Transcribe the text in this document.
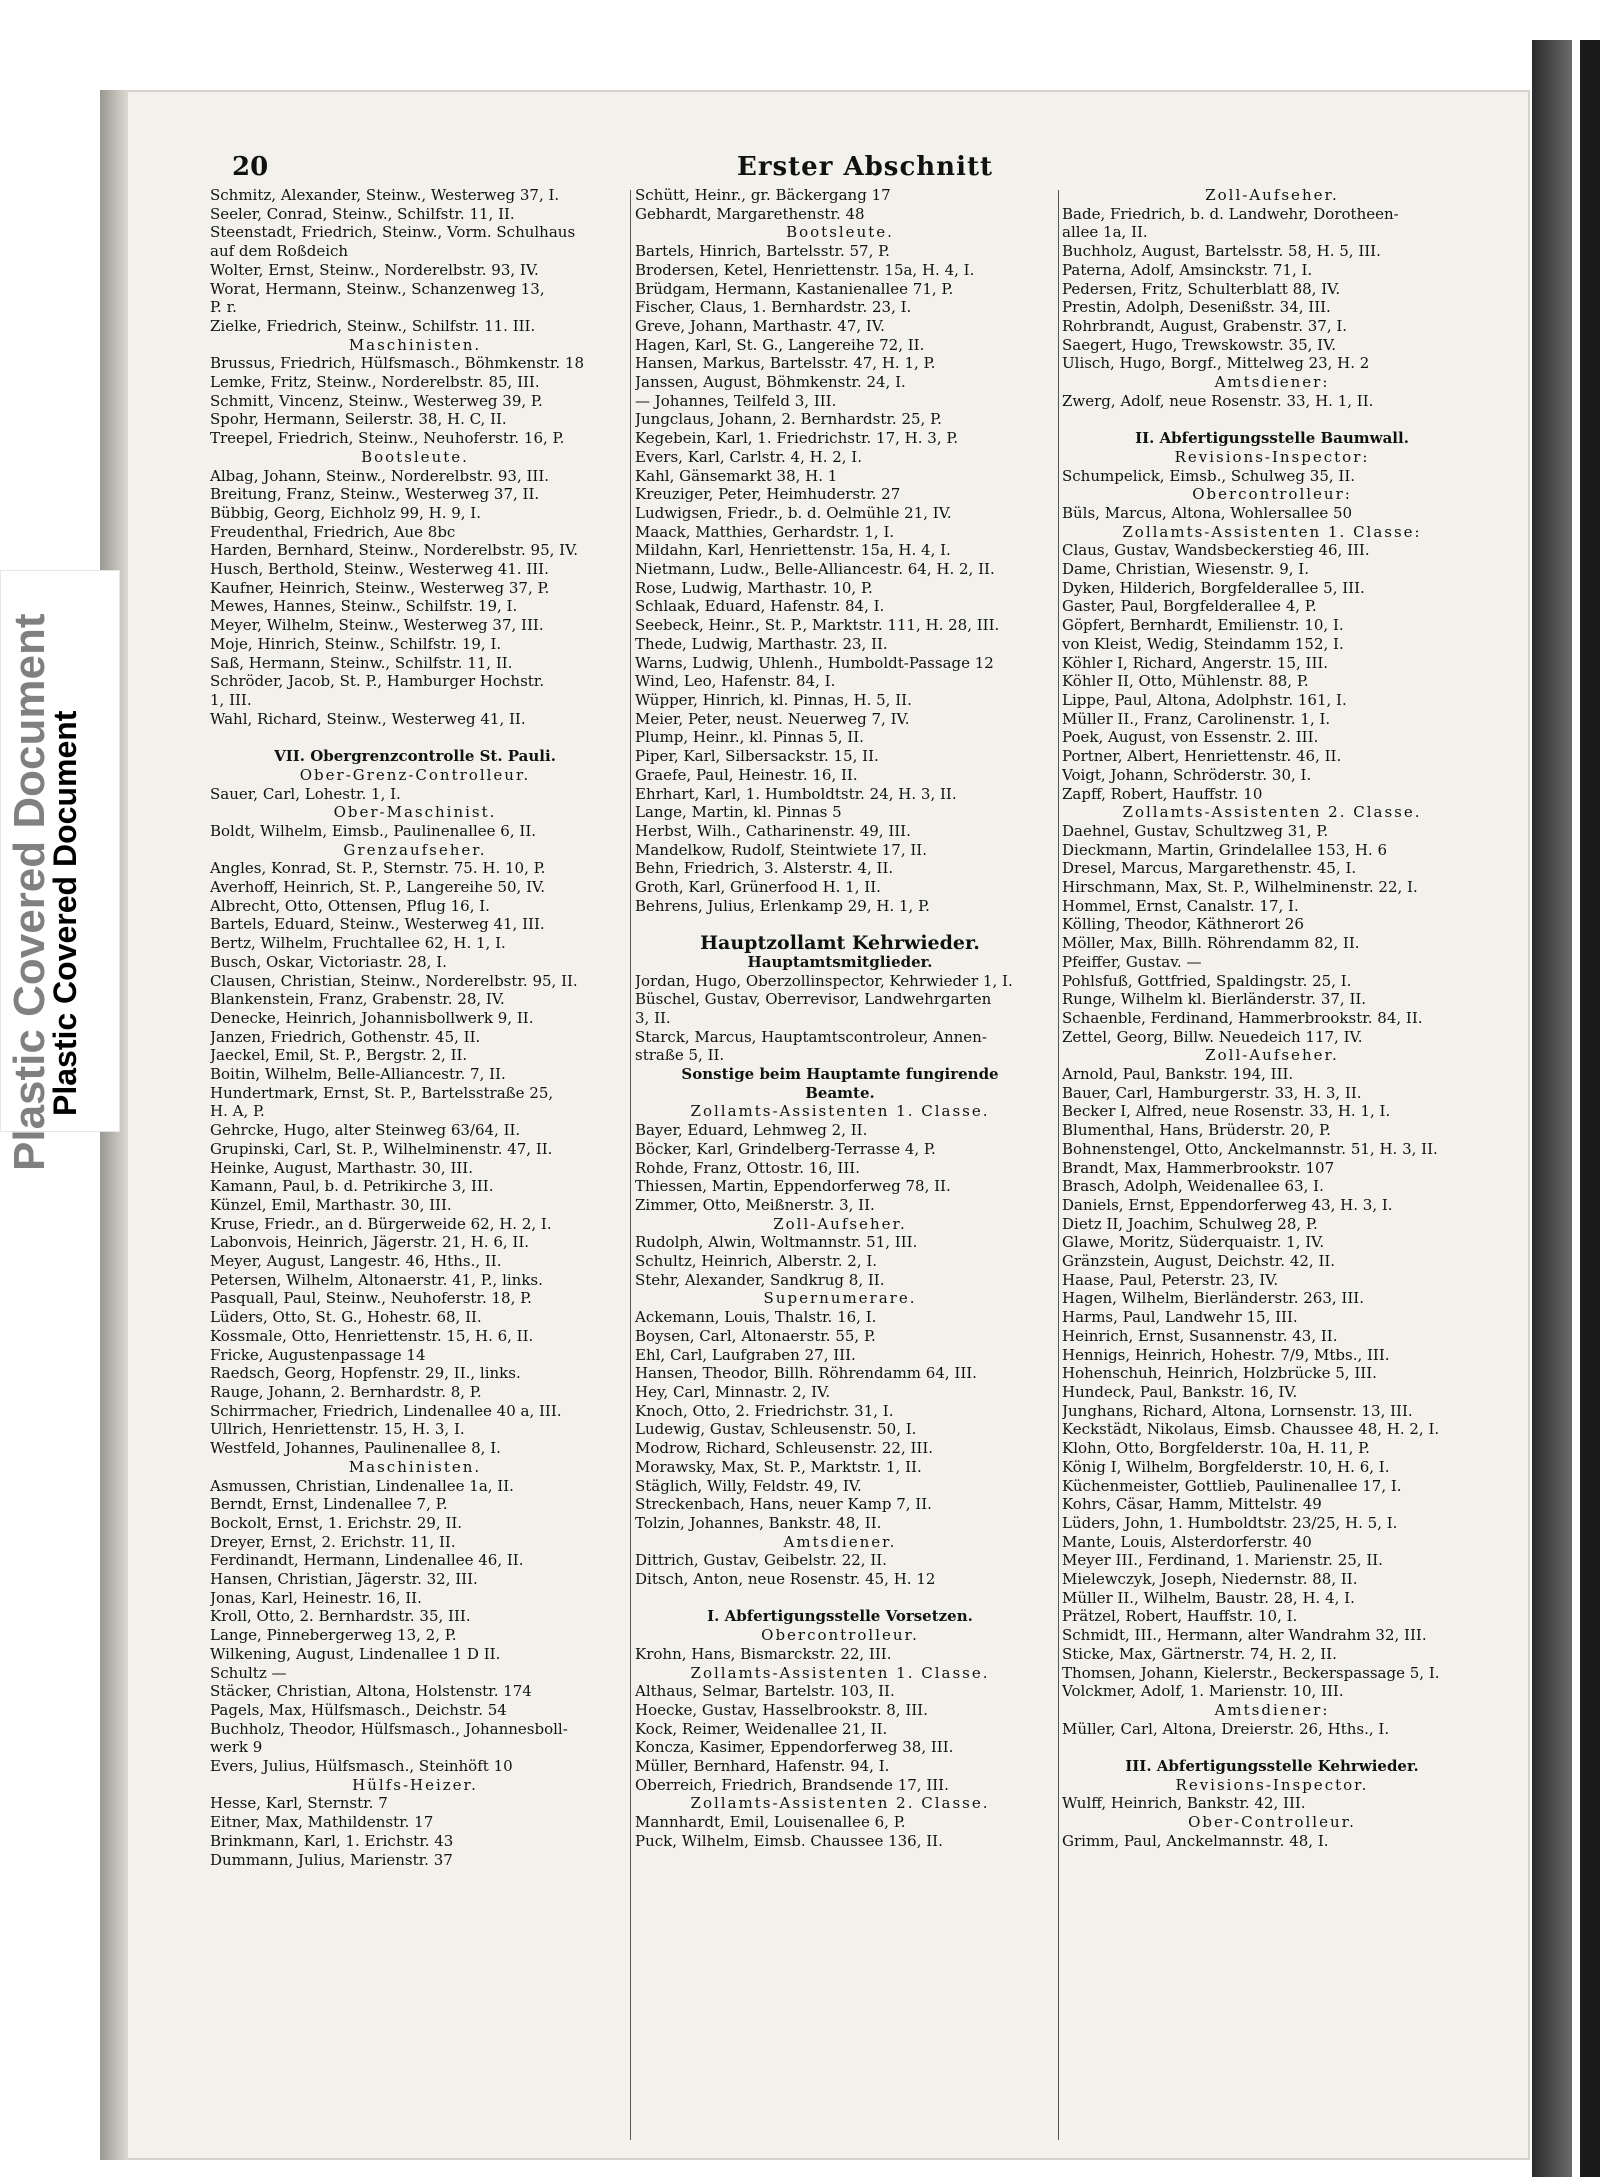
Plastic Covered Document
Plastic Covered Document
20	Erster Abschnitt
Schmitz, Alexander, Steinw., Westerweg 37, I.
Seeler, Conrad, Steinw., Schilfstr. 11, II.
Steenstadt, Friedrich, Steinw., Vorm. Schulhaus
auf dem Roßdeich
Wolter, Ernst, Steinw., Norderelbstr. 93, IV.
Worat, Hermann, Steinw., Schanzenweg 13,
P. r.
Zielke, Friedrich, Steinw., Schilfstr. 11. III.
Maschinisten.
Brussus, Friedrich, Hülfsmasch., Böhmkenstr. 18
Lemke, Fritz, Steinw., Norderelbstr. 85, III.
Schmitt, Vincenz, Steinw., Westerweg 39, P.
Spohr, Hermann, Seilerstr. 38, H. C, II.
Treepel, Friedrich, Steinw., Neuhoferstr. 16, P.
Bootsleute.
Albag, Johann, Steinw., Norderelbstr. 93, III.
Breitung, Franz, Steinw., Westerweg 37, II.
Bübbig, Georg, Eichholz 99, H. 9, I.
Freudenthal, Friedrich, Aue 8bc
Harden, Bernhard, Steinw., Norderelbstr. 95, IV.
Husch, Berthold, Steinw., Westerweg 41. III.
Kaufner, Heinrich, Steinw., Westerweg 37, P.
Mewes, Hannes, Steinw., Schilfstr. 19, I.
Meyer, Wilhelm, Steinw., Westerweg 37, III.
Moje, Hinrich, Steinw., Schilfstr. 19, I.
Saß, Hermann, Steinw., Schilfstr. 11, II.
Schröder, Jacob, St. P., Hamburger Hochstr.
1, III.
Wahl, Richard, Steinw., Westerweg 41, II.

VII. Obergrenzcontrolle St. Pauli.
Ober-Grenz-Controlleur.
Sauer, Carl, Lohestr. 1, I.
Ober-Maschinist.
Boldt, Wilhelm, Eimsb., Paulinenallee 6, II.
Grenzaufseher.
Angles, Konrad, St. P., Sternstr. 75. H. 10, P.
Averhoff, Heinrich, St. P., Langereihe 50, IV.
Albrecht, Otto, Ottensen, Pflug 16, I.
Bartels, Eduard, Steinw., Westerweg 41, III.
Bertz, Wilhelm, Fruchtallee 62, H. 1, I.
Busch, Oskar, Victoriastr. 28, I.
Clausen, Christian, Steinw., Norderelbstr. 95, II.
Blankenstein, Franz, Grabenstr. 28, IV.
Denecke, Heinrich, Johannisbollwerk 9, II.
Janzen, Friedrich, Gothenstr. 45, II.
Jaeckel, Emil, St. P., Bergstr. 2, II.
Boitin, Wilhelm, Belle-Alliancestr. 7, II.
Hundertmark, Ernst, St. P., Bartelsstraße 25,
H. A, P.
Gehrcke, Hugo, alter Steinweg 63/64, II.
Grupinski, Carl, St. P., Wilhelminenstr. 47, II.
Heinke, August, Marthastr. 30, III.
Kamann, Paul, b. d. Petrikirche 3, III.
Künzel, Emil, Marthastr. 30, III.
Kruse, Friedr., an d. Bürgerweide 62, H. 2, I.
Labonvois, Heinrich, Jägerstr. 21, H. 6, II.
Meyer, August, Langestr. 46, Hths., II.
Petersen, Wilhelm, Altonaerstr. 41, P., links.
Pasquall, Paul, Steinw., Neuhoferstr. 18, P.
Lüders, Otto, St. G., Hohestr. 68, II.
Kossmale, Otto, Henriettenstr. 15, H. 6, II.
Fricke, Augustenpassage 14
Raedsch, Georg, Hopfenstr. 29, II., links.
Rauge, Johann, 2. Bernhardstr. 8, P.
Schirrmacher, Friedrich, Lindenallee 40 a, III.
Ullrich, Henriettenstr. 15, H. 3, I.
Westfeld, Johannes, Paulinenallee 8, I.
Maschinisten.
Asmussen, Christian, Lindenallee 1a, II.
Berndt, Ernst, Lindenallee 7, P.
Bockolt, Ernst, 1. Erichstr. 29, II.
Dreyer, Ernst, 2. Erichstr. 11, II.
Ferdinandt, Hermann, Lindenallee 46, II.
Hansen, Christian, Jägerstr. 32, III.
Jonas, Karl, Heinestr. 16, II.
Kroll, Otto, 2. Bernhardstr. 35, III.
Lange, Pinnebergerweg 13, 2, P.
Wilkening, August, Lindenallee 1 D II.
Schultz —
Stäcker, Christian, Altona, Holstenstr. 174
Pagels, Max, Hülfsmasch., Deichstr. 54
Buchholz, Theodor, Hülfsmasch., Johannesboll-
werk 9
Evers, Julius, Hülfsmasch., Steinhöft 10
Hülfs-Heizer.
Hesse, Karl, Sternstr. 7
Eitner, Max, Mathildenstr. 17
Brinkmann, Karl, 1. Erichstr. 43
Dummann, Julius, Marienstr. 37
Schütt, Heinr., gr. Bäckergang 17
Gebhardt, Margarethenstr. 48
Bootsleute.
Bartels, Hinrich, Bartelsstr. 57, P.
Brodersen, Ketel, Henriettenstr. 15a, H. 4, I.
Brüdgam, Hermann, Kastanienallee 71, P.
Fischer, Claus, 1. Bernhardstr. 23, I.
Greve, Johann, Marthastr. 47, IV.
Hagen, Karl, St. G., Langereihe 72, II.
Hansen, Markus, Bartelsstr. 47, H. 1, P.
Janssen, August, Böhmkenstr. 24, I.
— Johannes, Teilfeld 3, III.
Jungclaus, Johann, 2. Bernhardstr. 25, P.
Kegebein, Karl, 1. Friedrichstr. 17, H. 3, P.
Evers, Karl, Carlstr. 4, H. 2, I.
Kahl, Gänsemarkt 38, H. 1
Kreuziger, Peter, Heimhuderstr. 27
Ludwigsen, Friedr., b. d. Oelmühle 21, IV.
Maack, Matthies, Gerhardstr. 1, I.
Mildahn, Karl, Henriettenstr. 15a, H. 4, I.
Nietmann, Ludw., Belle-Alliancestr. 64, H. 2, II.
Rose, Ludwig, Marthastr. 10, P.
Schlaak, Eduard, Hafenstr. 84, I.
Seebeck, Heinr., St. P., Marktstr. 111, H. 28, III.
Thede, Ludwig, Marthastr. 23, II.
Warns, Ludwig, Uhlenh., Humboldt-Passage 12
Wind, Leo, Hafenstr. 84, I.
Wüpper, Hinrich, kl. Pinnas, H. 5, II.
Meier, Peter, neust. Neuerweg 7, IV.
Plump, Heinr., kl. Pinnas 5, II.
Piper, Karl, Silbersackstr. 15, II.
Graefe, Paul, Heinestr. 16, II.
Ehrhart, Karl, 1. Humboldtstr. 24, H. 3, II.
Lange, Martin, kl. Pinnas 5
Herbst, Wilh., Catharinenstr. 49, III.
Mandelkow, Rudolf, Steintwiete 17, II.
Behn, Friedrich, 3. Alsterstr. 4, II.
Groth, Karl, Grünerfood H. 1, II.
Behrens, Julius, Erlenkamp 29, H. 1, P.

Hauptzollamt Kehrwieder.
Hauptamtsmitglieder.
Jordan, Hugo, Oberzollinspector, Kehrwieder 1, I.
Büschel, Gustav, Oberrevisor, Landwehrgarten
3, II.
Starck, Marcus, Hauptamtscontroleur, Annen-
straße 5, II.
Sonstige beim Hauptamte fungirende
Beamte.
Zollamts-Assistenten 1. Classe.
Bayer, Eduard, Lehmweg 2, II.
Böcker, Karl, Grindelberg-Terrasse 4, P.
Rohde, Franz, Ottostr. 16, III.
Thiessen, Martin, Eppendorferweg 78, II.
Zimmer, Otto, Meißnerstr. 3, II.
Zoll-Aufseher.
Rudolph, Alwin, Woltmannstr. 51, III.
Schultz, Heinrich, Alberstr. 2, I.
Stehr, Alexander, Sandkrug 8, II.
Supernumerare.
Ackemann, Louis, Thalstr. 16, I.
Boysen, Carl, Altonaerstr. 55, P.
Ehl, Carl, Laufgraben 27, III.
Hansen, Theodor, Billh. Röhrendamm 64, III.
Hey, Carl, Minnastr. 2, IV.
Knoch, Otto, 2. Friedrichstr. 31, I.
Ludewig, Gustav, Schleusenstr. 50, I.
Modrow, Richard, Schleusenstr. 22, III.
Morawsky, Max, St. P., Marktstr. 1, II.
Stäglich, Willy, Feldstr. 49, IV.
Streckenbach, Hans, neuer Kamp 7, II.
Tolzin, Johannes, Bankstr. 48, II.
Amtsdiener.
Dittrich, Gustav, Geibelstr. 22, II.
Ditsch, Anton, neue Rosenstr. 45, H. 12

I. Abfertigungsstelle Vorsetzen.
Obercontrolleur.
Krohn, Hans, Bismarckstr. 22, III.
Zollamts-Assistenten 1. Classe.
Althaus, Selmar, Bartelstr. 103, II.
Hoecke, Gustav, Hasselbrookstr. 8, III.
Kock, Reimer, Weidenallee 21, II.
Koncza, Kasimer, Eppendorferweg 38, III.
Müller, Bernhard, Hafenstr. 94, I.
Oberreich, Friedrich, Brandsende 17, III.
Zollamts-Assistenten 2. Classe.
Mannhardt, Emil, Louisenallee 6, P.
Puck, Wilhelm, Eimsb. Chaussee 136, II.
Zoll-Aufseher.
Bade, Friedrich, b. d. Landwehr, Dorotheen-
allee 1a, II.
Buchholz, August, Bartelsstr. 58, H. 5, III.
Paterna, Adolf, Amsinckstr. 71, I.
Pedersen, Fritz, Schulterblatt 88, IV.
Prestin, Adolph, Desenißstr. 34, III.
Rohrbrandt, August, Grabenstr. 37, I.
Saegert, Hugo, Trewskowstr. 35, IV.
Ulisch, Hugo, Borgf., Mittelweg 23, H. 2
Amtsdiener:
Zwerg, Adolf, neue Rosenstr. 33, H. 1, II.

II. Abfertigungsstelle Baumwall.
Revisions-Inspector:
Schumpelick, Eimsb., Schulweg 35, II.
Obercontrolleur:
Büls, Marcus, Altona, Wohlersallee 50
Zollamts-Assistenten 1. Classe:
Claus, Gustav, Wandsbeckerstieg 46, III.
Dame, Christian, Wiesenstr. 9, I.
Dyken, Hilderich, Borgfelderallee 5, III.
Gaster, Paul, Borgfelderallee 4, P.
Göpfert, Bernhardt, Emilienstr. 10, I.
von Kleist, Wedig, Steindamm 152, I.
Köhler I, Richard, Angerstr. 15, III.
Köhler II, Otto, Mühlenstr. 88, P.
Lippe, Paul, Altona, Adolphstr. 161, I.
Müller II., Franz, Carolinenstr. 1, I.
Poek, August, von Essenstr. 2. III.
Portner, Albert, Henriettenstr. 46, II.
Voigt, Johann, Schröderstr. 30, I.
Zapff, Robert, Hauffstr. 10
Zollamts-Assistenten 2. Classe.
Daehnel, Gustav, Schultzweg 31, P.
Dieckmann, Martin, Grindelallee 153, H. 6
Dresel, Marcus, Margarethenstr. 45, I.
Hirschmann, Max, St. P., Wilhelminenstr. 22, I.
Hommel, Ernst, Canalstr. 17, I.
Kölling, Theodor, Käthnerort 26
Möller, Max, Billh. Röhrendamm 82, II.
Pfeiffer, Gustav. —
Pohlsfuß, Gottfried, Spaldingstr. 25, I.
Runge, Wilhelm kl. Bierländerstr. 37, II.
Schaenble, Ferdinand, Hammerbrookstr. 84, II.
Zettel, Georg, Billw. Neuedeich 117, IV.
Zoll-Aufseher.
Arnold, Paul, Bankstr. 194, III.
Bauer, Carl, Hamburgerstr. 33, H. 3, II.
Becker I, Alfred, neue Rosenstr. 33, H. 1, I.
Blumenthal, Hans, Brüderstr. 20, P.
Bohnenstengel, Otto, Anckelmannstr. 51, H. 3, II.
Brandt, Max, Hammerbrookstr. 107
Brasch, Adolph, Weidenallee 63, I.
Daniels, Ernst, Eppendorferweg 43, H. 3, I.
Dietz II, Joachim, Schulweg 28, P.
Glawe, Moritz, Süderquaistr. 1, IV.
Gränzstein, August, Deichstr. 42, II.
Haase, Paul, Peterstr. 23, IV.
Hagen, Wilhelm, Bierländerstr. 263, III.
Harms, Paul, Landwehr 15, III.
Heinrich, Ernst, Susannenstr. 43, II.
Hennigs, Heinrich, Hohestr. 7/9, Mtbs., III.
Hohenschuh, Heinrich, Holzbrücke 5, III.
Hundeck, Paul, Bankstr. 16, IV.
Junghans, Richard, Altona, Lornsenstr. 13, III.
Keckstädt, Nikolaus, Eimsb. Chaussee 48, H. 2, I.
Klohn, Otto, Borgfelderstr. 10a, H. 11, P.
König I, Wilhelm, Borgfelderstr. 10, H. 6, I.
Küchenmeister, Gottlieb, Paulinenallee 17, I.
Kohrs, Cäsar, Hamm, Mittelstr. 49
Lüders, John, 1. Humboldtstr. 23/25, H. 5, I.
Mante, Louis, Alsterdorferstr. 40
Meyer III., Ferdinand, 1. Marienstr. 25, II.
Mielewczyk, Joseph, Niedernstr. 88, II.
Müller II., Wilhelm, Baustr. 28, H. 4, I.
Prätzel, Robert, Hauffstr. 10, I.
Schmidt, III., Hermann, alter Wandrahm 32, III.
Sticke, Max, Gärtnerstr. 74, H. 2, II.
Thomsen, Johann, Kielerstr., Beckerspassage 5, I.
Volckmer, Adolf, 1. Marienstr. 10, III.
Amtsdiener:
Müller, Carl, Altona, Dreierstr. 26, Hths., I.

III. Abfertigungsstelle Kehrwieder.
Revisions-Inspector.
Wulff, Heinrich, Bankstr. 42, III.
Ober-Controlleur.
Grimm, Paul, Anckelmannstr. 48, I.
